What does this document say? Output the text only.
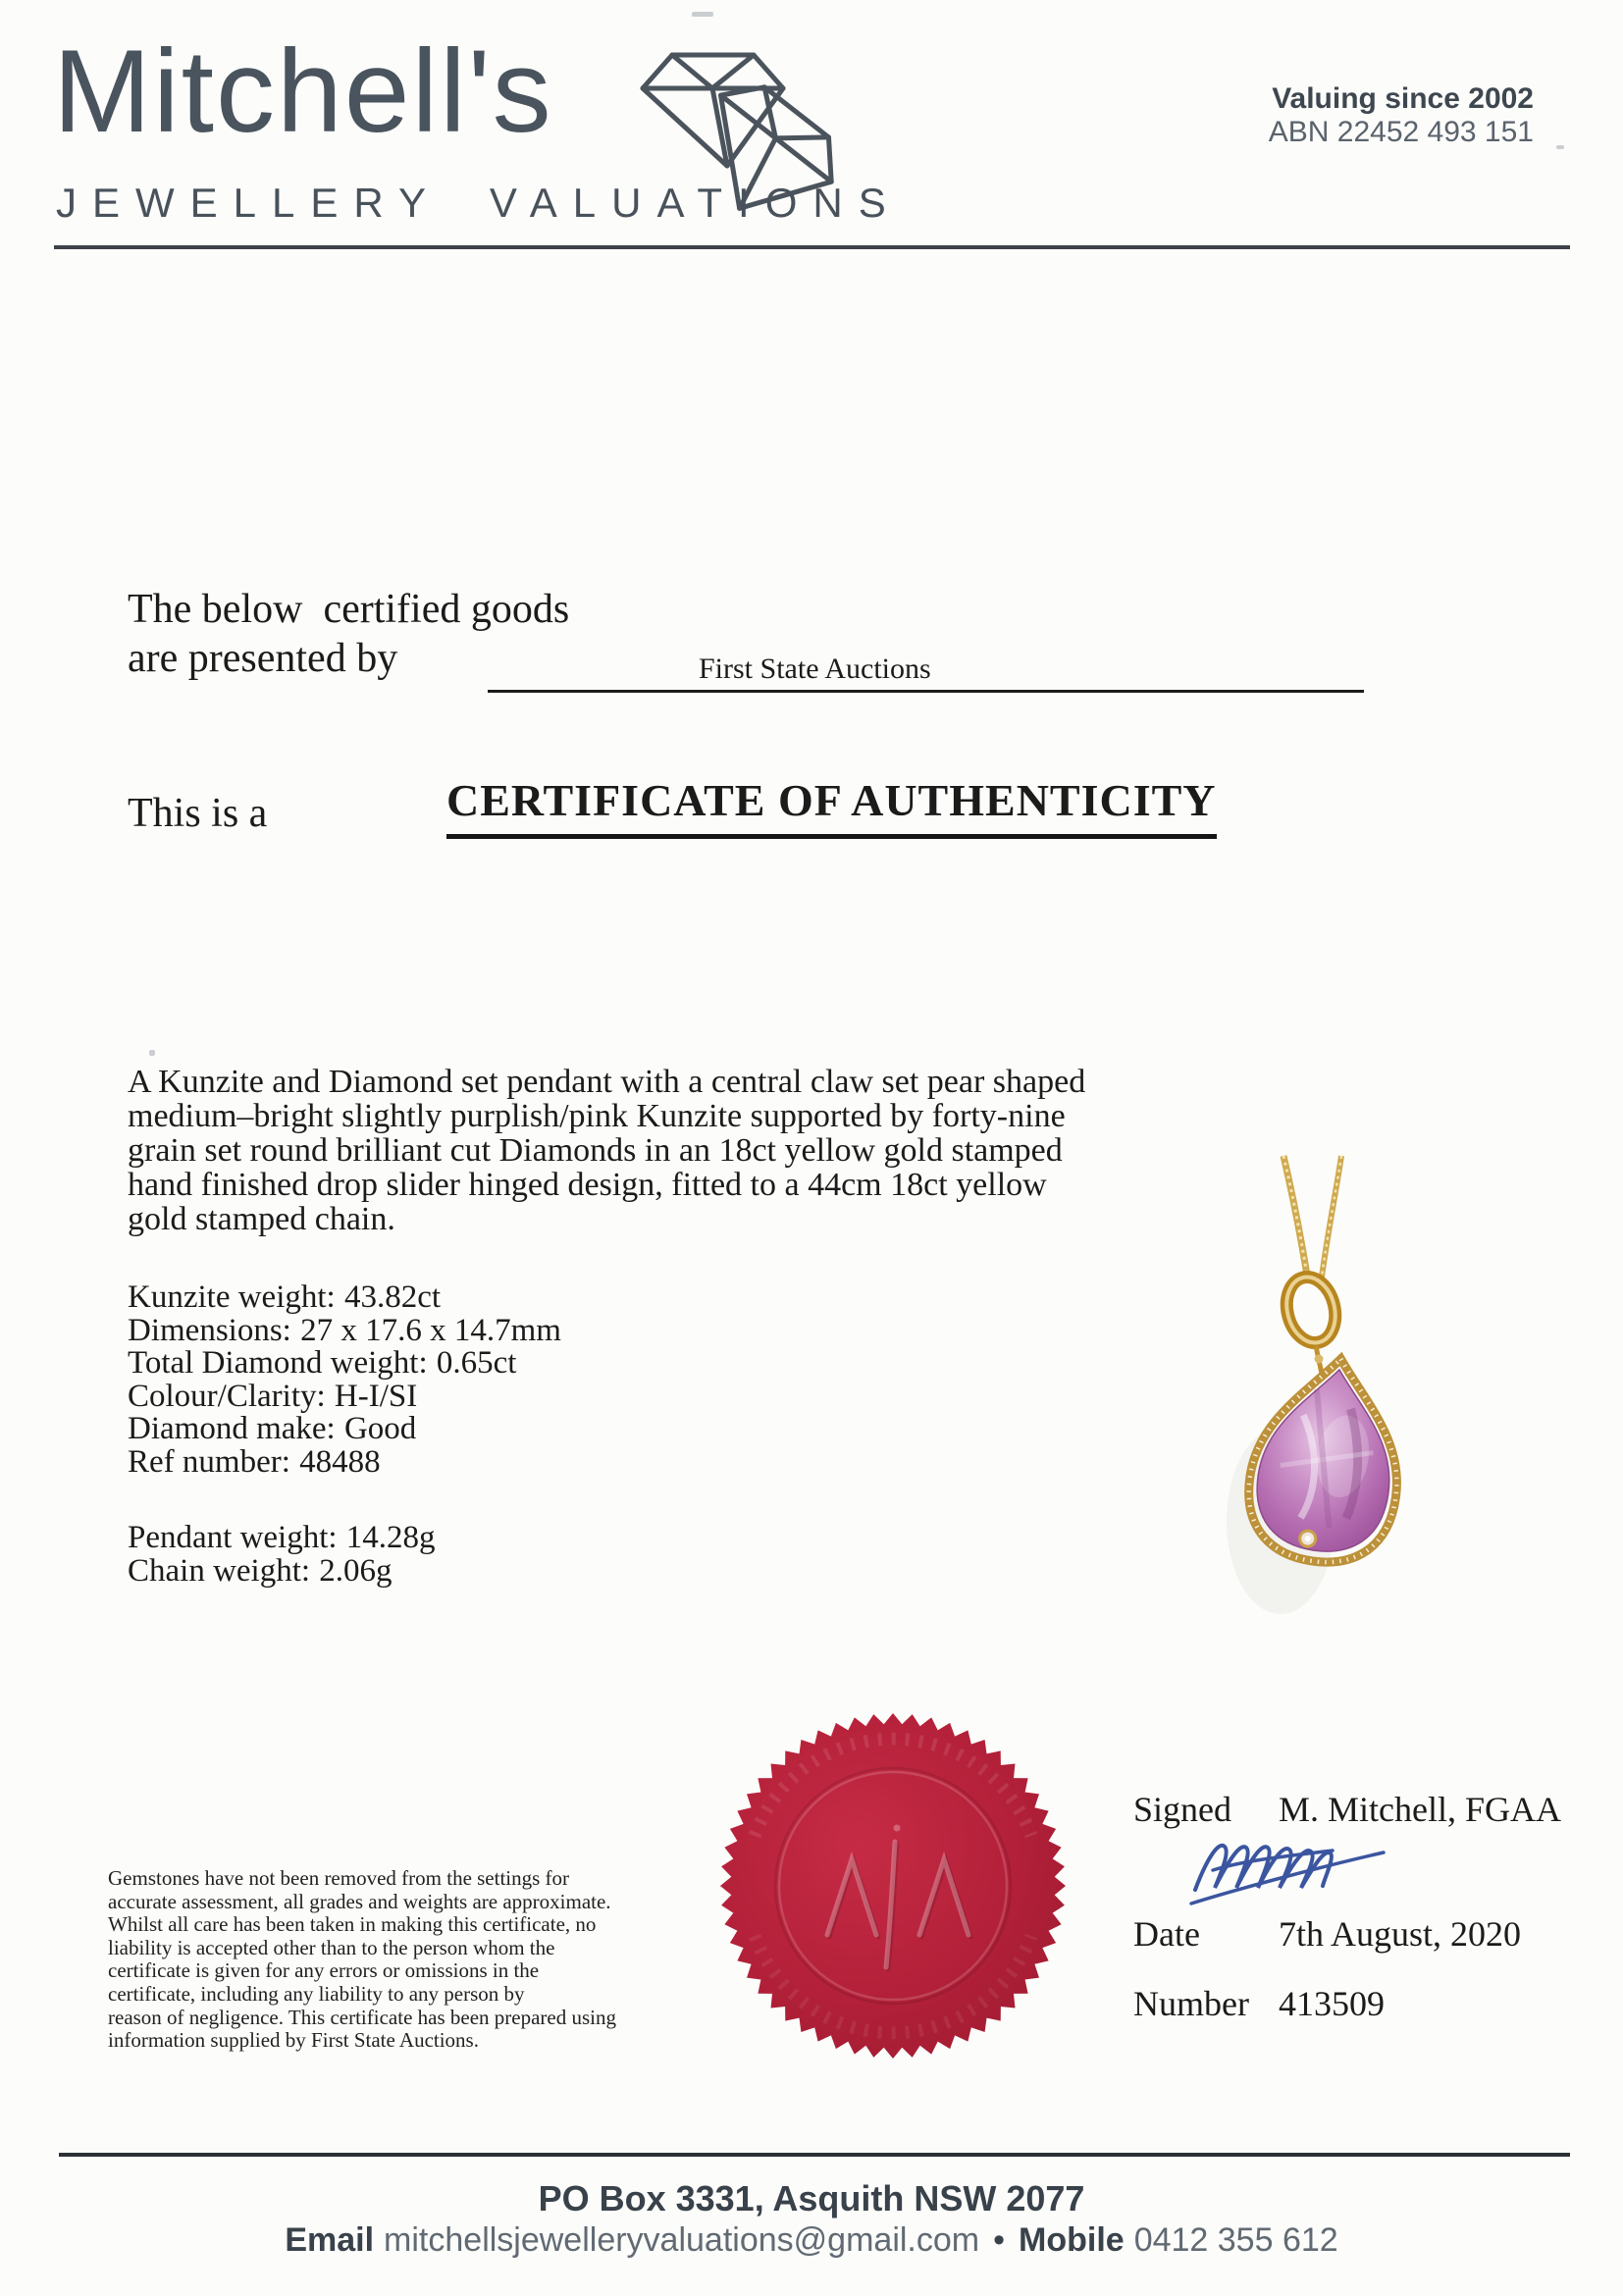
Mitchell's
JEWELLERY VALUATIONS
Valuing since 2002
ABN 22452 493 151
The below  certified goods
are presented by	First State Auctions
This is a	CERTIFICATE OF AUTHENTICITY
A Kunzite and Diamond set pendant with a central claw set pear shaped
medium–bright slightly purplish/pink Kunzite supported by forty-nine
grain set round brilliant cut Diamonds in an 18ct yellow gold stamped
hand finished drop slider hinged design, fitted to a 44cm 18ct yellow
gold stamped chain.
Kunzite weight: 43.82ct
Dimensions: 27 x 17.6 x 14.7mm
Total Diamond weight: 0.65ct
Colour/Clarity: H-I/SI
Diamond make: Good
Ref number: 48488
Pendant weight: 14.28g
Chain weight: 2.06g
Gemstones have not been removed from the settings for
accurate assessment, all grades and weights are approximate.
Whilst all care has been taken in making this certificate, no
liability is accepted other than to the person whom the
certificate is given for any errors or omissions in the
certificate, including any liability to any person by
reason of negligence. This certificate has been prepared using
information supplied by First State Auctions.
Signed M. Mitchell, FGAA
Date 7th August, 2020
Number 413509
PO Box 3331, Asquith NSW 2077
Email mitchellsjewelleryvaluations@gmail.com • Mobile 0412 355 612
